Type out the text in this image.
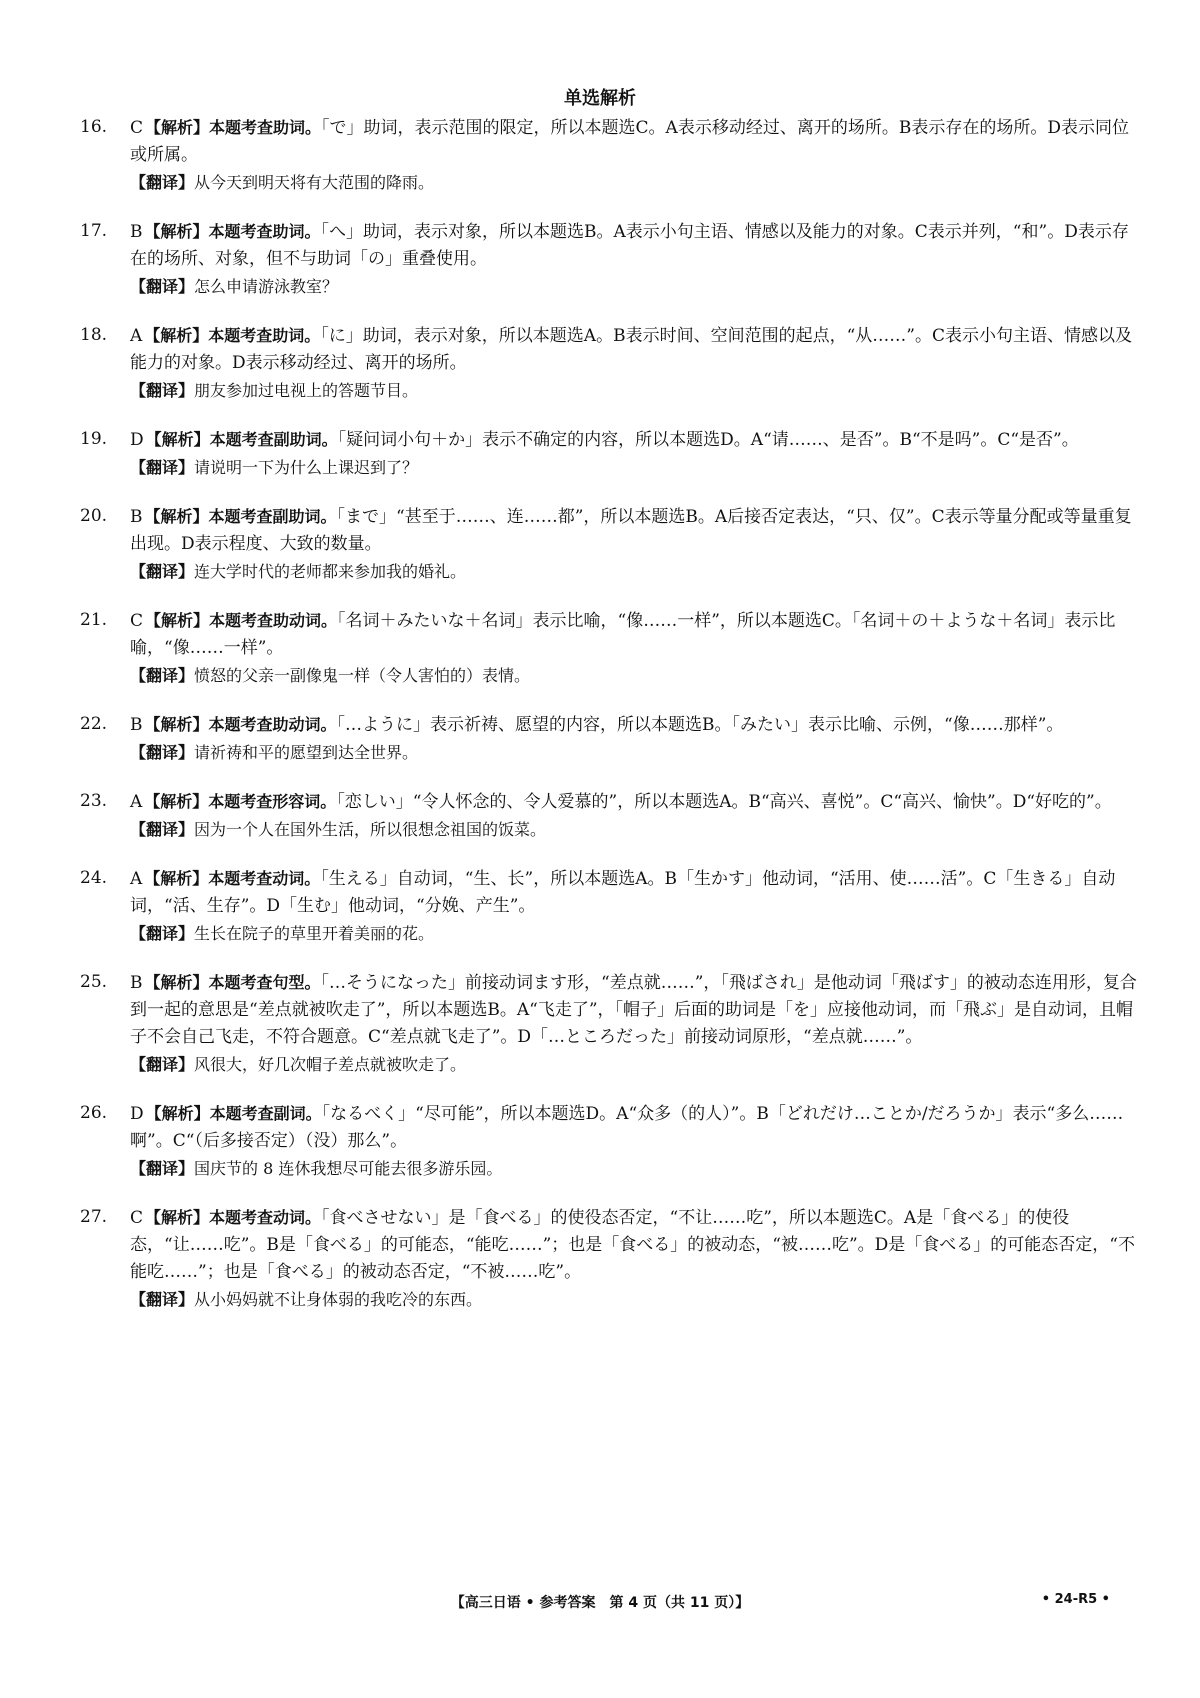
单选解析
16.	C 【解析】本题考查助词。「で」助词，表示范围的限定，所以本题选C。A表示移动经过、离开的场所。B表示存在的场所。D表示同位或所属。
【翻译】从今天到明天将有大范围的降雨。
17.	B 【解析】本题考查助词。「へ」助词，表示对象，所以本题选B。A表示小句主语、情感以及能力的对象。C表示并列，“和”。D表示存在的场所、对象，但不与助词「の」重叠使用。
【翻译】怎么申请游泳教室？
18.	A 【解析】本题考查助词。「に」助词，表示对象，所以本题选A。B表示时间、空间范围的起点，“从……”。C表示小句主语、情感以及能力的对象。D表示移动经过、离开的场所。
【翻译】朋友参加过电视上的答题节目。
19.	D 【解析】本题考查副助词。「疑问词小句＋か」表示不确定的内容，所以本题选D。A“请……、是否”。B“不是吗”。C“是否”。
【翻译】请说明一下为什么上课迟到了？
20.	B 【解析】本题考查副助词。「まで」“甚至于……、连……都”，所以本题选B。A后接否定表达，“只、仅”。C表示等量分配或等量重复出现。D表示程度、大致的数量。
【翻译】连大学时代的老师都来参加我的婚礼。
21.	C 【解析】本题考查助动词。「名词＋みたいな＋名词」表示比喻，“像……一样”，所以本题选C。「名词＋の＋ような＋名词」表示比喻，“像……一样”。
【翻译】愤怒的父亲一副像鬼一样（令人害怕的）表情。
22.	B 【解析】本题考查助动词。「…ように」表示祈祷、愿望的内容，所以本题选B。「みたい」表示比喻、示例，“像……那样”。
【翻译】请祈祷和平的愿望到达全世界。
23.	A 【解析】本题考查形容词。「恋しい」“令人怀念的、令人爱慕的”，所以本题选A。B“高兴、喜悦”。C“高兴、愉快”。D“好吃的”。
【翻译】因为一个人在国外生活，所以很想念祖国的饭菜。
24.	A 【解析】本题考查动词。「生える」自动词，“生、长”，所以本题选A。B「生かす」他动词，“活用、使……活”。C「生きる」自动词，“活、生存”。D「生む」他动词，“分娩、产生”。
【翻译】生长在院子的草里开着美丽的花。
25.	B 【解析】本题考查句型。「…そうになった」前接动词ます形，“差点就……”，「飛ばされ」是他动词「飛ばす」的被动态连用形，复合到一起的意思是“差点就被吹走了”，所以本题选B。A“飞走了”，「帽子」后面的助词是「を」应接他动词，而「飛ぶ」是自动词，且帽子不会自己飞走，不符合题意。C“差点就飞走了”。D「…ところだった」前接动词原形，“差点就……”。
【翻译】风很大，好几次帽子差点就被吹走了。
26.	D 【解析】本题考查副词。「なるべく」“尽可能”，所以本题选D。A“众多（的人）”。B「どれだけ…ことか/だろうか」表示“多么……啊”。C“（后多接否定）（没）那么”。
【翻译】国庆节的 8 连休我想尽可能去很多游乐园。
27.	C 【解析】本题考查动词。「食べさせない」是「食べる」的使役态否定，“不让……吃”，所以本题选C。A是「食べる」的使役态，“让……吃”。B是「食べる」的可能态，“能吃……”；也是「食べる」的被动态，“被……吃”。D是「食べる」的可能态否定，“不能吃……”；也是「食べる」的被动态否定，“不被……吃”。
【翻译】从小妈妈就不让身体弱的我吃冷的东西。
【高三日语 • 参考答案　第 4 页（共 11 页）】	• 24-R5 •
